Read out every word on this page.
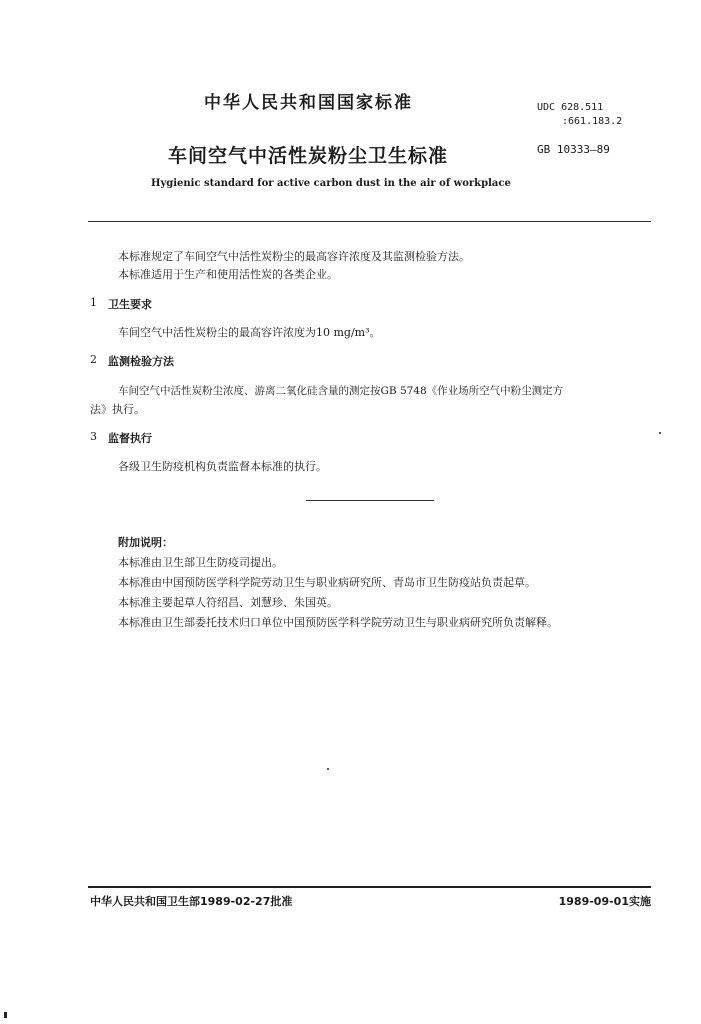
中华人民共和国国家标准	UDC 628.511
:661.183.2
车间空气中活性炭粉尘卫生标准	GB 10333—89
Hygienic standard for active carbon dust in the air of workplace
本标准规定了车间空气中活性炭粉尘的最高容许浓度及其监测检验方法。
本标准适用于生产和使用活性炭的各类企业。
1 卫生要求
车间空气中活性炭粉尘的最高容许浓度为10 mg/m³。
2 监测检验方法
车间空气中活性炭粉尘浓度、游离二氧化硅含量的测定按GB 5748《作业场所空气中粉尘测定方
法》执行。
3 监督执行
各级卫生防疫机构负责监督本标准的执行。
附加说明：
本标准由卫生部卫生防疫司提出。
本标准由中国预防医学科学院劳动卫生与职业病研究所、青岛市卫生防疫站负责起草。
本标准主要起草人符绍昌、刘慧珍、朱国英。
本标准由卫生部委托技术归口单位中国预防医学科学院劳动卫生与职业病研究所负责解释。
中华人民共和国卫生部1989-02-27批准	1989-09-01实施
